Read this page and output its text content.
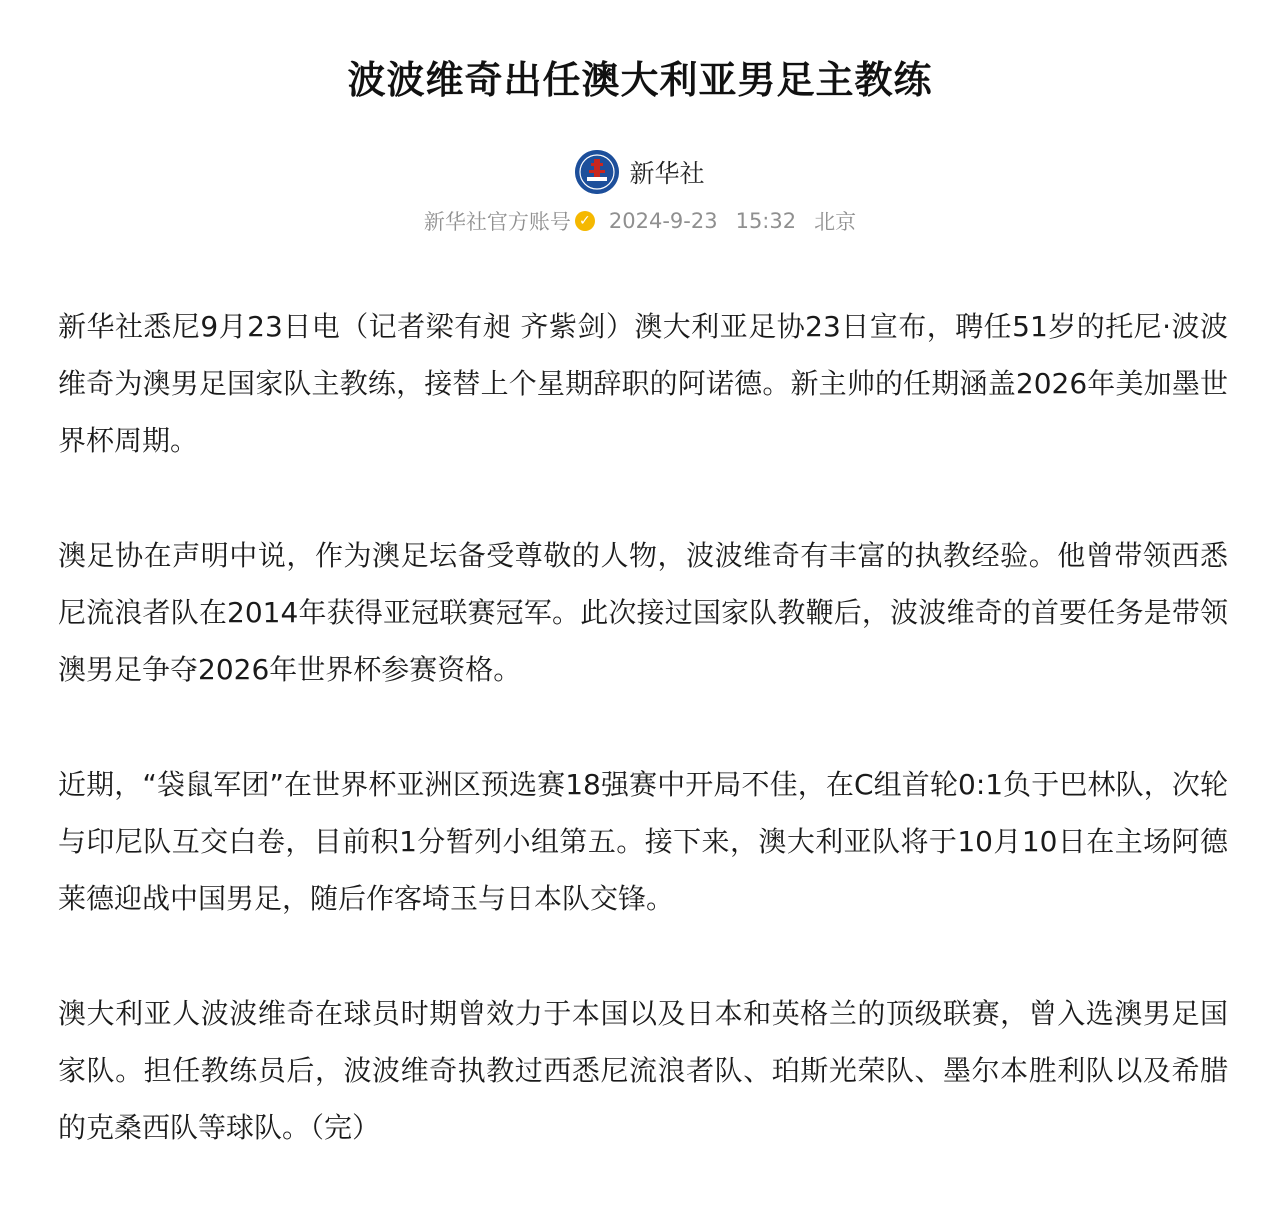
波波维奇出任澳大利亚男足主教练
新华社
新华社官方账号 ✓ 2024-9-23 15:32 北京

新华社悉尼9月23日电（记者梁有昶 齐紫剑）澳大利亚足协23日宣布，聘任51岁的托尼·波波维奇为澳男足国家队主教练，接替上个星期辞职的阿诺德。新主帅的任期涵盖2026年美加墨世界杯周期。

澳足协在声明中说，作为澳足坛备受尊敬的人物，波波维奇有丰富的执教经验。他曾带领西悉尼流浪者队在2014年获得亚冠联赛冠军。此次接过国家队教鞭后，波波维奇的首要任务是带领澳男足争夺2026年世界杯参赛资格。

近期，“袋鼠军团”在世界杯亚洲区预选赛18强赛中开局不佳，在C组首轮0:1负于巴林队，次轮与印尼队互交白卷，目前积1分暂列小组第五。接下来，澳大利亚队将于10月10日在主场阿德莱德迎战中国男足，随后作客埼玉与日本队交锋。

澳大利亚人波波维奇在球员时期曾效力于本国以及日本和英格兰的顶级联赛，曾入选澳男足国家队。担任教练员后，波波维奇执教过西悉尼流浪者队、珀斯光荣队、墨尔本胜利队以及希腊的克桑西队等球队。（完）
